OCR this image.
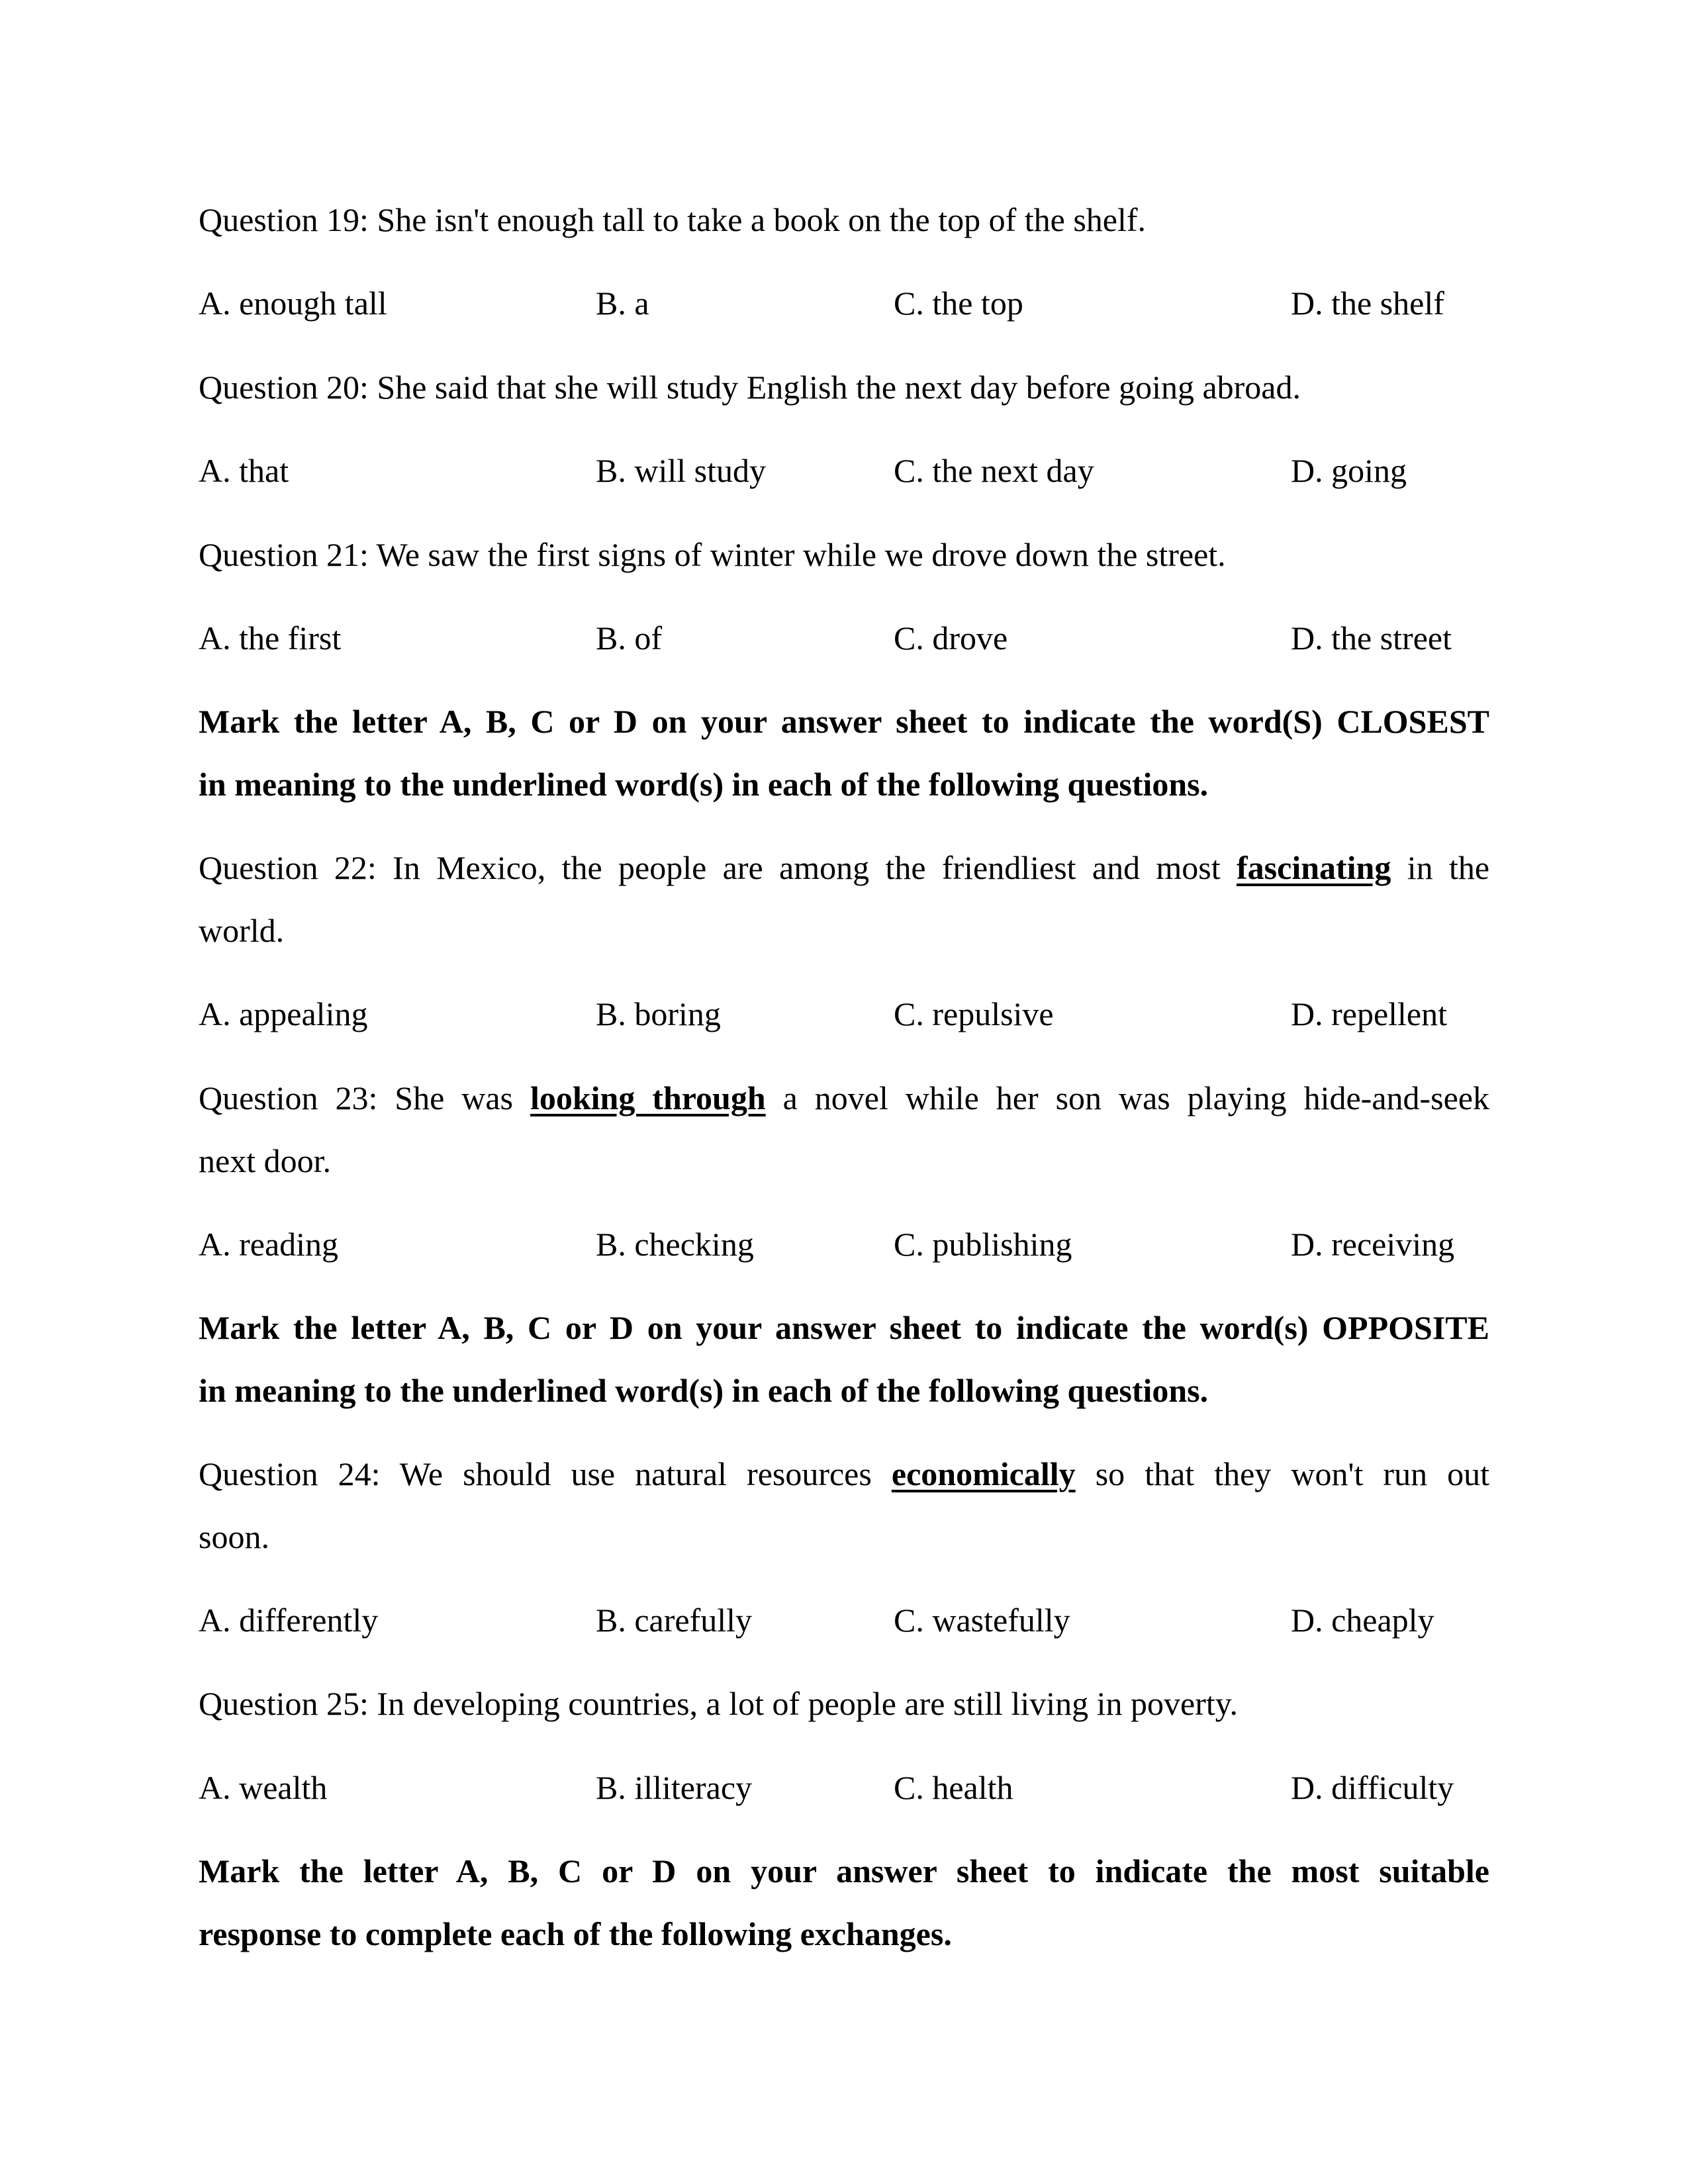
Question 19: She isn't enough tall to take a book on the top of the shelf.
A. enough tall	B. a	C. the top	D. the shelf
Question 20: She said that she will study English the next day before going abroad.
A. that	B. will study	C. the next day	D. going
Question 21: We saw the first signs of winter while we drove down the street.
A. the first	B. of	C. drove	D. the street
Mark the letter A, B, C or D on your answer sheet to indicate the word(S) CLOSEST
in meaning to the underlined word(s) in each of the following questions.
Question 22: In Mexico, the people are among the friendliest and most fascinating in the
world.
A. appealing	B. boring	C. repulsive	D. repellent
Question 23: She was looking through a novel while her son was playing hide-and-seek
next door.
A. reading	B. checking	C. publishing	D. receiving
Mark the letter A, B, C or D on your answer sheet to indicate the word(s) OPPOSITE
in meaning to the underlined word(s) in each of the following questions.
Question 24: We should use natural resources economically so that they won't run out
soon.
A. differently	B. carefully	C. wastefully	D. cheaply
Question 25: In developing countries, a lot of people are still living in poverty.
A. wealth	B. illiteracy	C. health	D. difficulty
Mark the letter A, B, C or D on your answer sheet to indicate the most suitable
response to complete each of the following exchanges.
